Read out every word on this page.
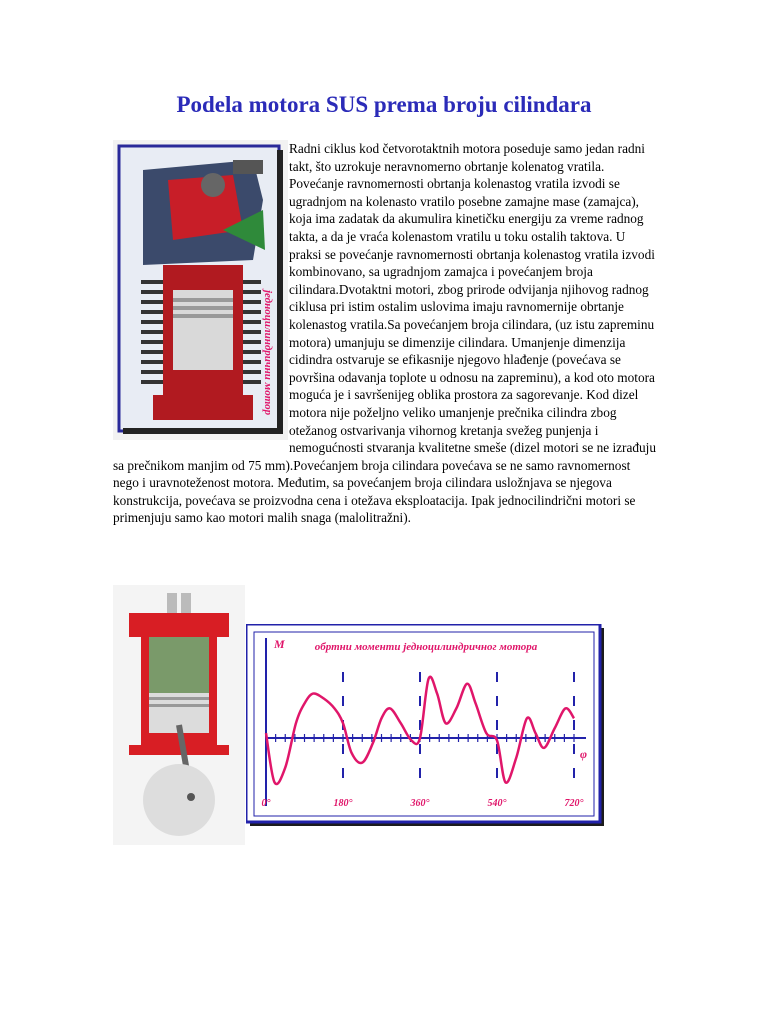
Podela motora SUS prema broju cilindara
једноцилиндрични мотор
Radni ciklus kod četvorotaktnih motora poseduje samo jedan radni takt, što uzrokuje neravnomerno obrtanje kolenatog vratila. Povećanje ravnomernosti obrtanja kolenastog vratila izvodi se ugradnjom na kolenasto vratilo posebne zamajne mase (zamajca), koja ima zadatak da akumulira kinetičku energiju za vreme radnog takta, a da je vraća kolenastom vratilu u toku ostalih taktova. U praksi se povećanje ravnomernosti obrtanja kolenastog vratila izvodi kombinovano, sa ugradnjom zamajca i povećanjem broja cilindara.Dvotaktni motori, zbog prirode odvijanja njihovog radnog ciklusa pri istim ostalim uslovima imaju ravnomernije obrtanje kolenastog vratila.Sa povećanjem broja cilindara, (uz istu zapreminu motora) umanjuju se dimenzije cilindara. Umanjenje dimenzija cidindra ostvaruje se efikasnije njegovo hlađenje (povećava se površina odavanja toplote u odnosu na zapreminu), a kod oto motora moguća je i savršenijeg oblika prostora za sagorevanje. Kod dizel motora nije poželjno veliko umanjenje prečnika cilindra zbog otežanog ostvarivanja vihornog kretanja svežeg punjenja i nemogućnosti stvaranja kvalitetne smeše (dizel motori se ne izrađuju sa prečnikom manjim od 75 mm).Povećanjem broja cilindara povećava se ne samo ravnomernost nego i uravnoteženost motora. Međutim, sa povećanjem broja cilindara usložnjava se njegova konstrukcija, povećava se proizvodna cena i otežava eksploatacija. Ipak jednocilindrični motori se primenjuju samo kao motori malih snaga (malolitražni).
M	обртни моменти једноцилиндричног мотора
φ
0°	180°	360°	540°	720°
